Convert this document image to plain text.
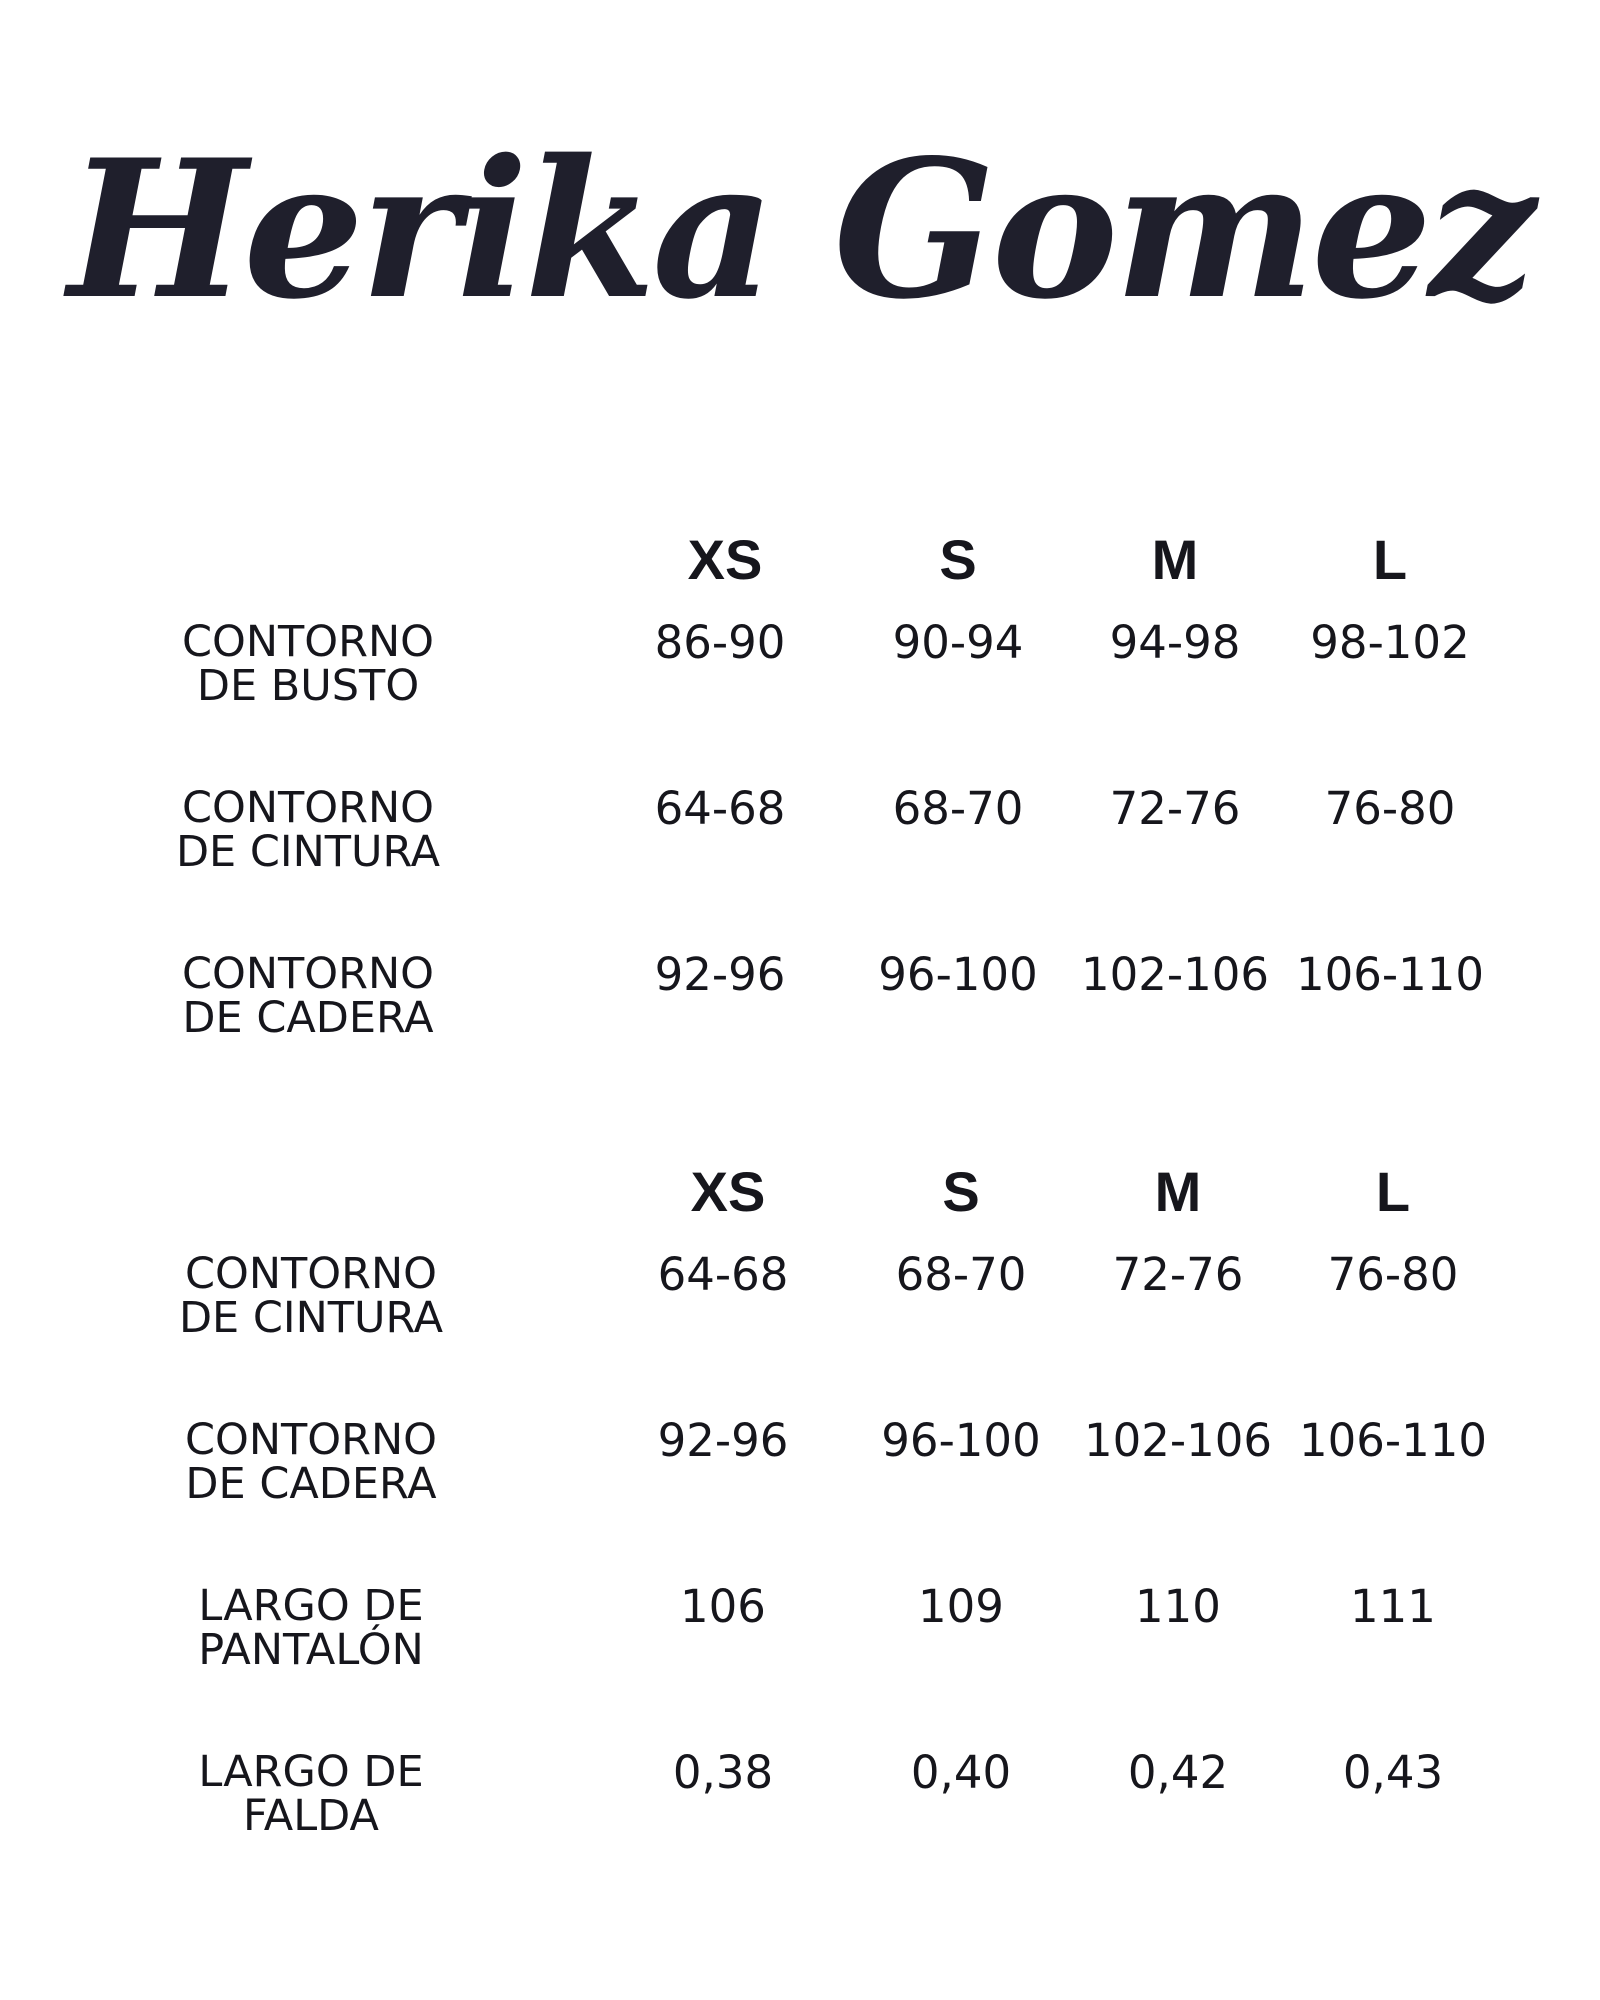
Herika Gomez
XS	S	M	L
CONTORNO
DE BUSTO
86-90 90-94 94-98 98-102
CONTORNO
DE CINTURA
64-68 68-70 72-76 76-80
CONTORNO
DE CADERA
92-96 96-100 102-106 106-110
XS	S	M	L
CONTORNO
DE CINTURA
64-68 68-70 72-76 76-80
CONTORNO
DE CADERA
92-96 96-100 102-106 106-110
LARGO DE
PANTALÓN
106	109	110	111
LARGO DE
FALDA
0,38	0,40	0,42	0,43
